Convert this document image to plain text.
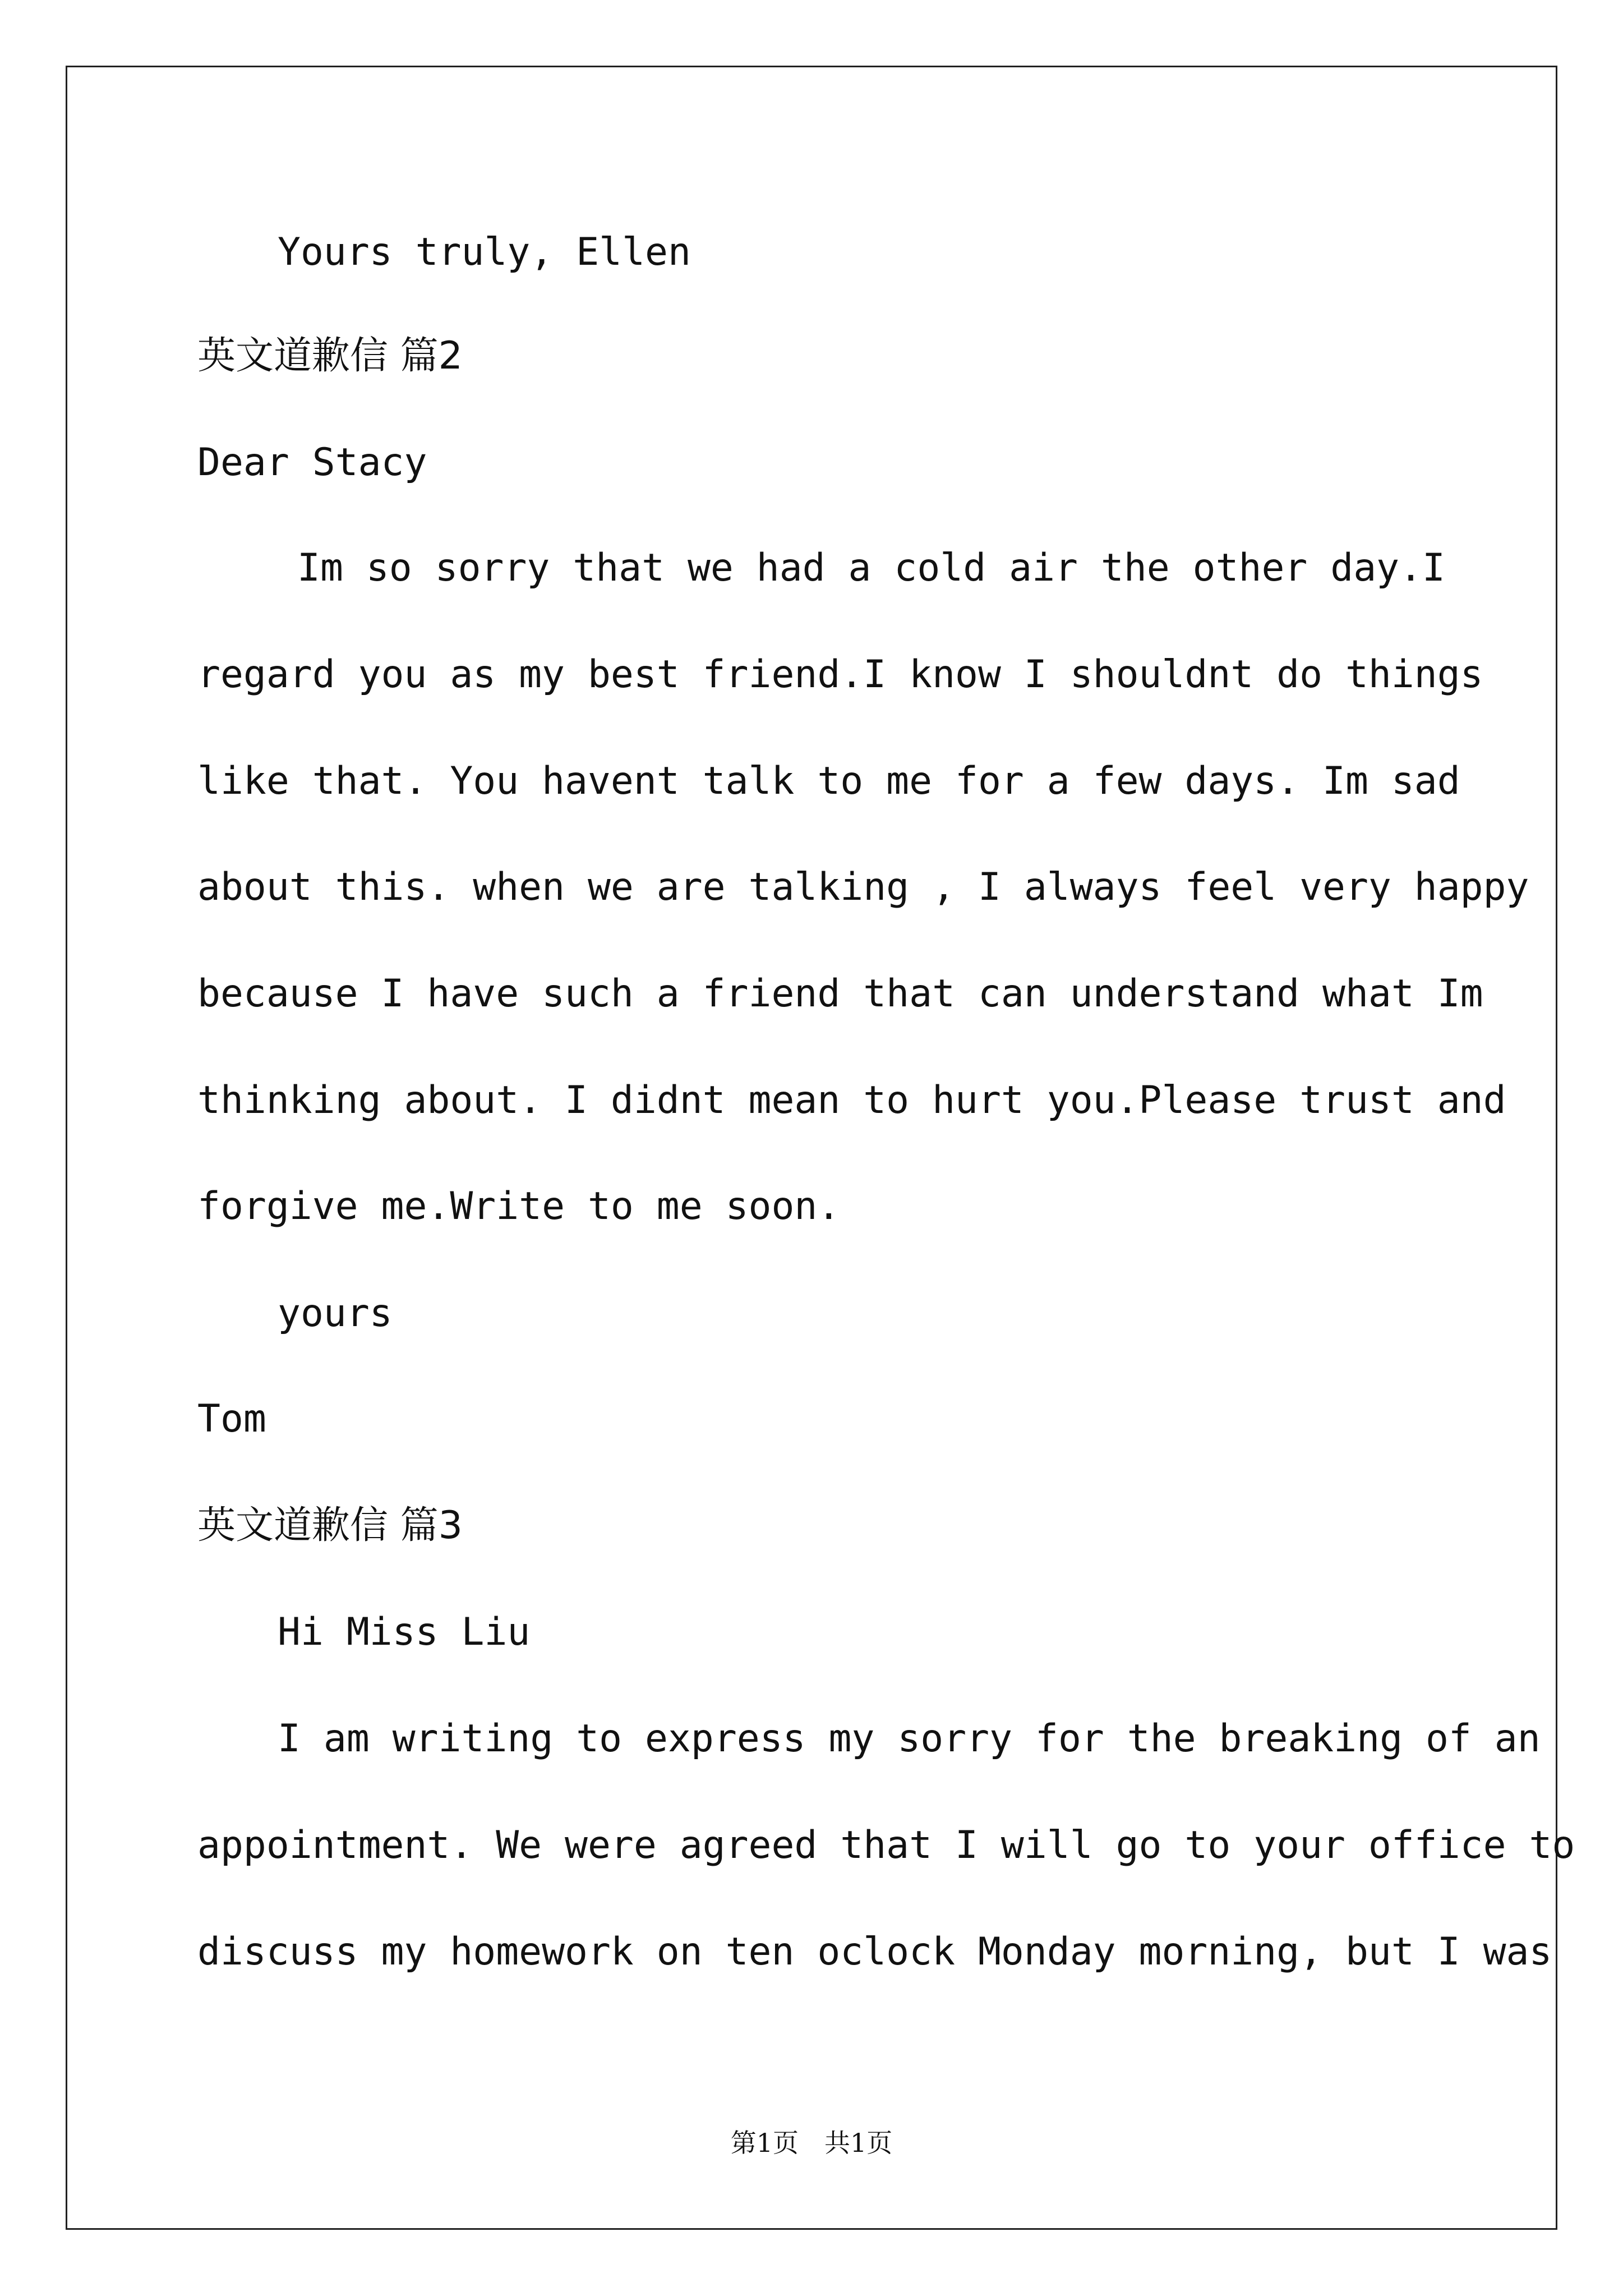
Yours truly, Ellen

英文道歉信 篇2

Dear Stacy

Im so sorry that we had a cold air the other day.I

regard you as my best friend.I know I shouldnt do things

like that. You havent talk to me for a few days. Im sad

about this. when we are talking , I always feel very happy

because I have such a friend that can understand what Im

thinking about. I didnt mean to hurt you.Please trust and

forgive me.Write to me soon.

yours

Tom

英文道歉信 篇3

Hi Miss Liu

I am writing to express my sorry for the breaking of an

appointment. We were agreed that I will go to your office to

discuss my homework on ten oclock Monday morning, but I was

第1页　共1页
